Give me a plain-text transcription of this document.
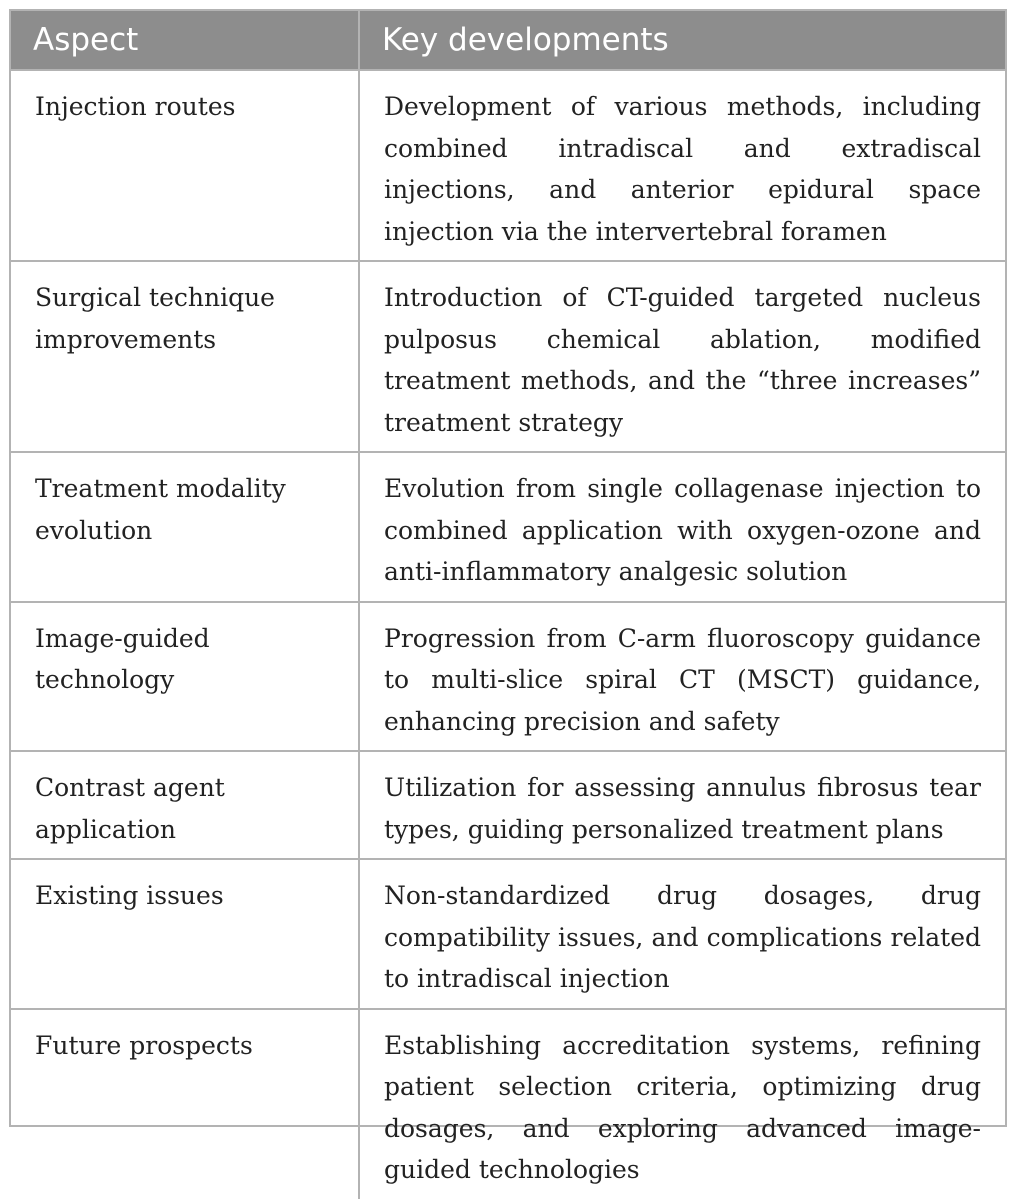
Aspect	Key developments
Injection routes	Development of various methods, including combined intradiscal and extradiscal injections, and anterior epidural space injection via the intervertebral foramen
Surgical technique improvements	Introduction of CT-guided targeted nucleus pulposus chemical ablation, modified treatment methods, and the “three increases” treatment strategy
Treatment modality evolution	Evolution from single collagenase injection to combined application with oxygen-ozone and anti-inflammatory analgesic solution
Image-guided technology	Progression from C-arm fluoroscopy guidance to multi-slice spiral CT (MSCT) guidance, enhancing precision and safety
Contrast agent application	Utilization for assessing annulus fibrosus tear types, guiding personalized treatment plans
Existing issues	Non-standardized drug dosages, drug compatibility issues, and complications related to intradiscal injection
Future prospects	Establishing accreditation systems, refining patient selection criteria, optimizing drug dosages, and exploring advanced image-guided technologies
